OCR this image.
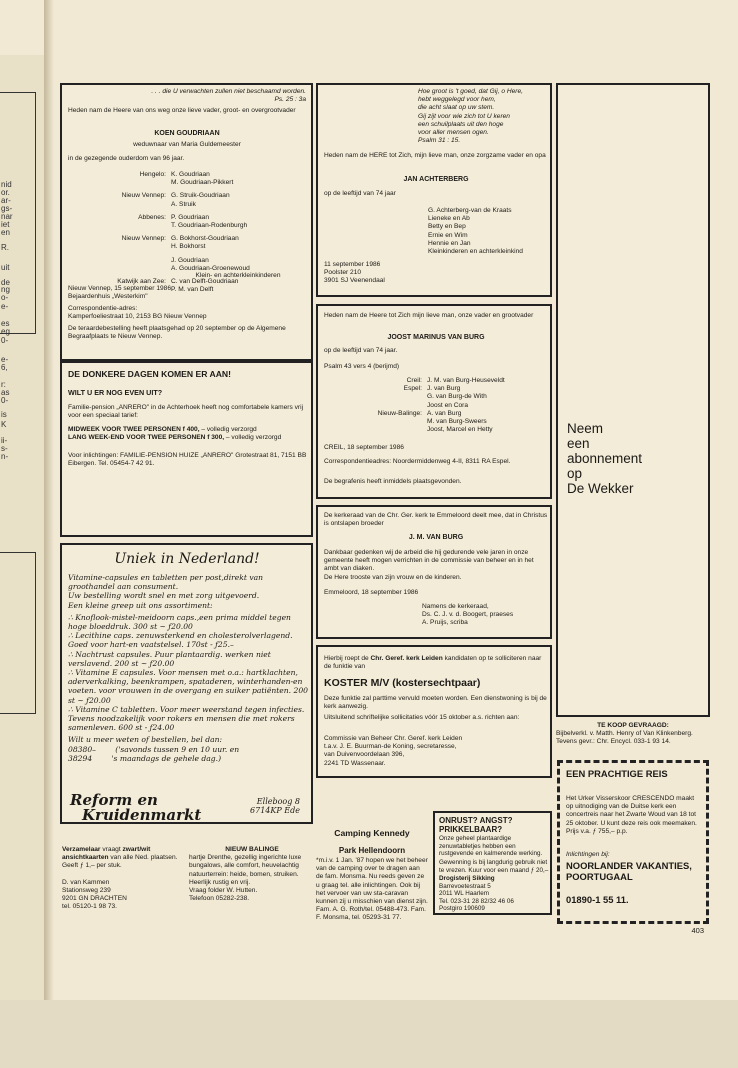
nid
or.
ar-
gs-
nar
iet
en
R.
uit
de
ng
o-
e-
es
eg
0-
e-
6,
r:
as
0-
is
K
ii-
s-
n-
. . . die U verwachten zullen niet beschaamd worden.
Ps. 25 : 3a
Heden nam de Heere van ons weg onze lieve vader, groot- en overgrootvader
KOEN GOUDRIAAN
weduwnaar van Maria Guldemeester
in de gezegende ouderdom van 96 jaar.
Hengelo: K. Goudriaan
M. Goudriaan-Pikkert
Nieuw Vennep: G. Struik-Goudriaan
A. Struik
Abbenes: P. Goudriaan
T. Goudriaan-Rodenburgh
Nieuw Vennep: G. Bokhorst-Goudriaan
H. Bokhorst
J. Goudriaan
A. Goudriaan-Groenewoud
Katwijk aan Zee: C. van Delft-Goudriaan
P. M. van Delft
Klein- en achterkleinkinderen
Nieuw Vennep, 15 september 1986
Bejaardenhuis „Westerkim"
Correspondentie-adres:
Kamperfoeliestraat 10, 2153 BG Nieuw Vennep
De teraardebestelling heeft plaatsgehad op 20 september op de Algemene Begraafplaats te Nieuw Vennep.
DE DONKERE DAGEN KOMEN ER AAN!
WILT U ER NOG EVEN UIT?
Familie-pension „ANRERO" in de Achterhoek heeft nog comfortabele kamers vrij voor een speciaal tarief:
MIDWEEK VOOR TWEE PERSONEN f 400, – volledig verzorgd
LANG WEEK-END VOOR TWEE PERSONEN f 300, – volledig verzorgd
Voor inlichtingen: FAMILIE-PENSION HUIZE „ANRERO" Grotestraat 81, 7151 BB Eibergen. Tel. 05454-7 42 91.
Uniek in Nederland!
Vitamine-capsules en tabletten per post,direkt van groothandel aan consument.
Uw bestelling wordt snel en met zorg uitgevoerd.
Een kleine greep uit ons assortiment:
∴ Knoflook-mistel-meidoorn caps.,een prima middel tegen hoge bloeddruk. 300 st ~ ƒ20.00
∴ Lecithine caps. zenuwsterkend en cholesterolverlagend. Goed voor hart-en vaatstelsel. 170st - ƒ25.–
∴ Nachtrust capsules. Puur plantaardig. werken niet verslavend. 200 st ~ ƒ20.00
∴ Vitamine E capsules. Voor mensen met o.a.: hartklachten, aderverkalking, beenkrampen, spataderen, winterhanden-en voeten. voor vrouwen in de overgang en suiker patiënten. 200 st ~ ƒ20.00
∴ Vitamine C tabletten. Voor meer weerstand tegen infecties. Tevens noodzakelijk voor rokers en mensen die met rokers samenleven. 600 st - ƒ24.00
Wilt u meer weten of bestellen, bel dan:
08380–        ('savonds tussen 9 en 10 uur. en
38294        's maandags de gehele dag.)
Reform en
Kruidenmarkt
Elleboog 8 6714KP Ede
Verzamelaar vraagt zwart/wit ansichtkaarten van alle Ned. plaatsen.
Geeft ƒ 1,– per stuk.
D. van Kammen
Stationsweg 239
9201 GN DRACHTEN
tel. 05120-1 98 73.
NIEUW BALINGE
hartje Drenthe, gezellig ingerichte luxe bungalows, alle comfort, heuvelachtig natuurterrein: heide, bomen, struiken. Heerlijk rustig en vrij.
Vraag folder W. Hutten.
Telefoon 05282-238.
Hoe groot is 't goed, dat Gij, o Here,
hebt weggelegd voor hem,
die acht slaat op uw stem.
Gij zijt voor wie zich tot U keren
een schuilplaats uit den hoge
voor aller mensen ogen.
Psalm 31 : 15.
Heden nam de HERE tot Zich, mijn lieve man, onze zorgzame vader en opa
JAN ACHTERBERG
op de leeftijd van 74 jaar
G. Achterberg-van de Kraats
Lieneke en Ab
Betty en Bep
Ernie en Wim
Hennie en Jan
Kleinkinderen en achterkleinkind
11 september 1986
Poolster 210
3901 SJ Veenendaal
Heden nam de Heere tot Zich mijn lieve man, onze vader en grootvader
JOOST MARINUS VAN BURG
op de leeftijd van 74 jaar.
Psalm 43 vers 4 (berijmd)
Creil: J. M. van Burg-Heuseveldt
Espel: J. van Burg
G. van Burg-de With
Joost en Cora
Nieuw-Balinge: A. van Burg
M. van Burg-Sweers
Joost, Marcel en Hetty
CREIL, 18 september 1986
Correspondentieadres: Noordermiddenweg 4-II, 8311 RA Espel.
De begrafenis heeft inmiddels plaatsgevonden.
De kerkeraad van de Chr. Ger. kerk te Emmeloord deelt mee, dat in Christus is ontslapen broeder
J. M. VAN BURG
Dankbaar gedenken wij de arbeid die hij gedurende vele jaren in onze gemeente heeft mogen verrichten in de commissie van beheer en in het ambt van diaken.
De Here trooste van zijn vrouw en de kinderen.
Emmeloord, 18 september 1986
Namens de kerkeraad,
Ds. C. J. v. d. Boogert, praeses
A. Pruijs, scriba
Hierbij roept de Chr. Geref. kerk Leiden kandidaten op te solliciteren naar de funktie van
KOSTER M/V (kostersechtpaar)
Deze funktie zal parttime vervuld moeten worden. Een dienstwoning is bij de kerk aanwezig.
Uitsluitend schriftelijke sollicitaties vóór 15 oktober a.s. richten aan:
Commissie van Beheer Chr. Geref. kerk Leiden
t.a.v. J. E. Buurman-de Koning, secretaresse,
van Duivenvoordelaan 396,
2241 TD Wassenaar.
Camping Kennedy
Park Hellendoorn
*m.i.v. 1 Jan. '87 hopen we het beheer van de camping over te dragen aan de fam. Monsma. Nu reeds geven ze u graag tel. alle inlichtingen. Ook bij het vervoer van uw sta-caravan kunnen zij u misschien van dienst zijn.
Fam. A. G. Roth/tel. 05488-473. Fam. F. Monsma, tel. 05293-31 77.
ONRUST? ANGST? PRIKKELBAAR?
Onze geheel plantaardige zenuwtabletjes hebben een rustgevende en kalmerende werking.
Gewenning is bij langdurig gebruik niet te vrezen. Kuur voor een maand ƒ 20,–
Drogisterij Sikking
Barrevoetestraat 5
2011 WL Haarlem
Tel. 023-31 28 82/32 46 06
Postgiro 190609
Neem
een
abonnement
op
De Wekker
TE KOOP GEVRAAGD:
Bijbelverkl. v. Matth. Henry of Van Klinkenberg. Tevens gevr.: Chr. Encycl. 033-1 93 14.
EEN PRACHTIGE REIS
Het Urker Visserskoor CRESCENDO maakt op uitnodiging van de Duitse kerk een concertreis naar het Zwarte Woud van 18 tot 25 oktober. U kunt deze reis ook meemaken. Prijs v.a. ƒ 755,– p.p.
Inlichtingen bij:
NOORLANDER VAKANTIES, POORTUGAAL
01890-1 55 11.
403
